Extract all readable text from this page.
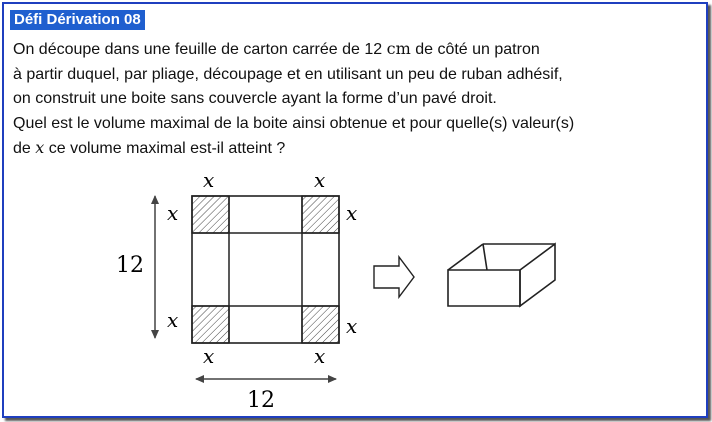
Défi Dérivation 08
On découpe dans une feuille de carton carrée de 12 cm de côté un patron
à partir duquel, par pliage, découpage et en utilisant un peu de ruban adhésif,
on construit une boite sans couvercle ayant la forme d’un pavé droit.
Quel est le volume maximal de la boite ainsi obtenue et pour quelle(s) valeur(s)
de x ce volume maximal est-il atteint ?
x	x
x	x
x	x
x	x
12
12
